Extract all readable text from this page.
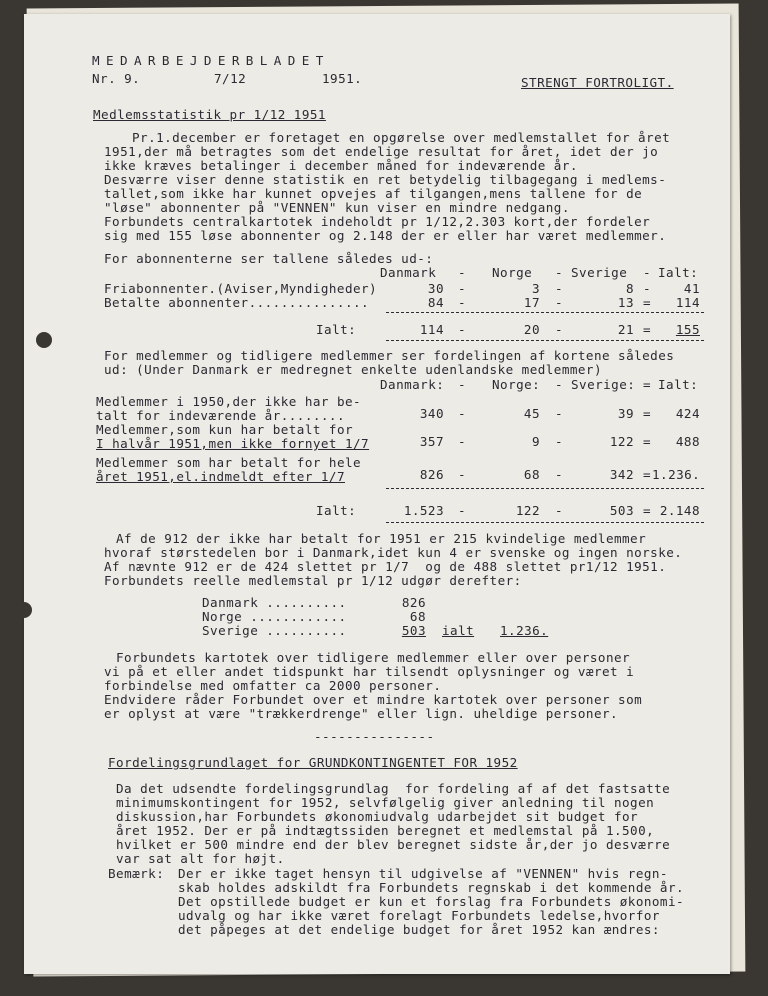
MEDARBEJDERBLADET
Nr. 9.	7/12	1951.	STRENGT FORTROLIGT.
Medlemsstatistik pr 1/12 1951
Pr.1.december er foretaget en opgørelse over medlemstallet for året
1951,der må betragtes som det endelige resultat for året, idet der jo
ikke kræves betalinger i december måned for indeværende år.
Desværre viser denne statistik en ret betydelig tilbagegang i medlems-
tallet,som ikke har kunnet opvejes af tilgangen,mens tallene for de
"løse" abonnenter på "VENNEN" kun viser en mindre nedgang.
Forbundets centralkartotek indeholdt pr 1/12,2.303 kort,der fordeler
sig med 155 løse abonnenter og 2.148 der er eller har været medlemmer.
For abonnenterne ser tallene således ud-:
Danmark - Norge - Sverige - Ialt:
Friabonnenter.(Aviser,Myndigheder)	30 -	3 -	8 -	41
Betalte abonnenter...............	84 -	17 -	13 =	114
Ialt:	114 -	20 -	21 =	155
For medlemmer og tidligere medlemmer ser fordelingen af kortene således
ud: (Under Danmark er medregnet enkelte udenlandske medlemmer)
Danmark: - Norge: - Sverige: = Ialt:
Medlemmer i 1950,der ikke har be-
talt for indeværende år........	340 -	45 -	39 =	424
Medlemmer,som kun har betalt for
I halvår 1951,men ikke fornyet 1/7	357 -	9 -	122 =	488
Medlemmer som har betalt for hele
året 1951,el.indmeldt efter 1/7	826 -	68 -	342 = 1.236.
Ialt:	1.523 -	122 -	503 = 2.148
Af de 912 der ikke har betalt for 1951 er 215 kvindelige medlemmer
hvoraf størstedelen bor i Danmark,idet kun 4 er svenske og ingen norske.
Af nævnte 912 er de 424 slettet pr 1/7  og de 488 slettet pr1/12 1951.
Forbundets reelle medlemstal pr 1/12 udgør derefter:
Danmark ..........	826
Norge ............	68
Sverige ..........	503 ialt 1.236.
Forbundets kartotek over tidligere medlemmer eller over personer
vi på et eller andet tidspunkt har tilsendt oplysninger og været i
forbindelse med omfatter ca 2000 personer.
Endvidere råder Forbundet over et mindre kartotek over personer som
er oplyst at være "trækkerdrenge" eller lign. uheldige personer.
---------------
Fordelingsgrundlaget for GRUNDKONTINGENTET FOR 1952
Da det udsendte fordelingsgrundlag  for fordeling af af det fastsatte
minimumskontingent for 1952, selvfølgelig giver anledning til nogen
diskussion,har Forbundets økonomiudvalg udarbejdet sit budget for
året 1952. Der er på indtægtssiden beregnet et medlemstal på 1.500,
hvilket er 500 mindre end der blev beregnet sidste år,der jo desværre
var sat alt for højt.
Bemærk: Der er ikke taget hensyn til udgivelse af "VENNEN" hvis regn-
skab holdes adskildt fra Forbundets regnskab i det kommende år.
Det opstillede budget er kun et forslag fra Forbundets økonomi-
udvalg og har ikke været forelagt Forbundets ledelse,hvorfor
det påpeges at det endelige budget for året 1952 kan ændres:
